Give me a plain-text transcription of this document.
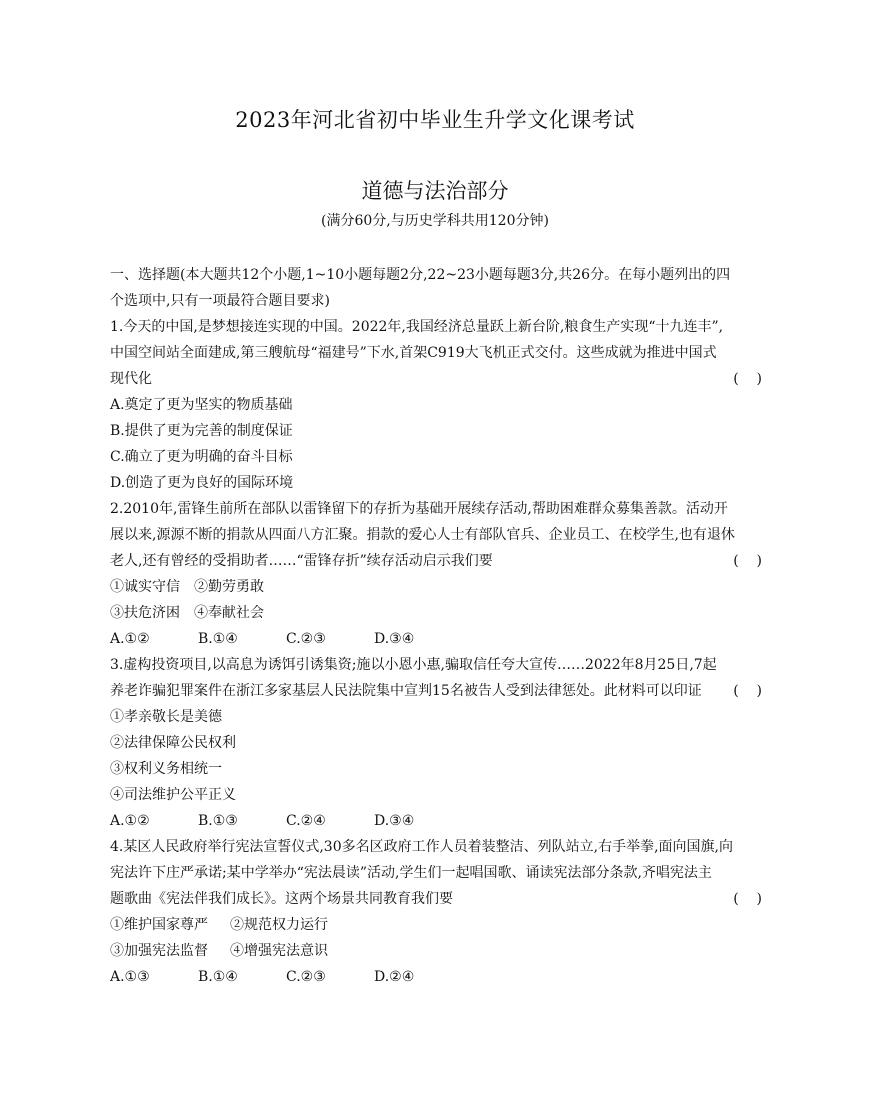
2023年河北省初中毕业生升学文化课考试
道德与法治部分
(满分60分,与历史学科共用120分钟)
一、选择题(本大题共12个小题,1~10小题每题2分,22~23小题每题3分,共26分。在每小题列出的四
个选项中,只有一项最符合题目要求)
1.今天的中国,是梦想接连实现的中国。2022年,我国经济总量跃上新台阶,粮食生产实现“十九连丰”,
中国空间站全面建成,第三艘航母“福建号”下水,首架C919大飞机正式交付。这些成就为推进中国式
现代化	(    )
A.奠定了更为坚实的物质基础
B.提供了更为完善的制度保证
C.确立了更为明确的奋斗目标
D.创造了更为良好的国际环境
2.2010年,雷锋生前所在部队以雷锋留下的存折为基础开展续存活动,帮助困难群众募集善款。活动开
展以来,源源不断的捐款从四面八方汇聚。捐款的爱心人士有部队官兵、企业员工、在校学生,也有退休
老人,还有曾经的受捐助者……“雷锋存折”续存活动启示我们要	(    )
①诚实守信 ②勤劳勇敢
③扶危济困 ④奉献社会
A.①②	B.①④	C.②③	D.③④
3.虚构投资项目,以高息为诱饵引诱集资;施以小恩小惠,骗取信任夸大宣传……2022年8月25日,7起
养老诈骗犯罪案件在浙江多家基层人民法院集中宣判15名被告人受到法律惩处。此材料可以印证 (    )
①孝亲敬长是美德
②法律保障公民权利
③权利义务相统一
④司法维护公平正义
A.①②	B.①③	C.②④	D.③④
4.某区人民政府举行宪法宣誓仪式,30多名区政府工作人员着装整洁、列队站立,右手举拳,面向国旗,向
宪法许下庄严承诺;某中学举办“宪法晨读”活动,学生们一起唱国歌、诵读宪法部分条款,齐唱宪法主
题歌曲《宪法伴我们成长》。这两个场景共同教育我们要	(    )
①维护国家尊严 ②规范权力运行
③加强宪法监督 ④增强宪法意识
A.①③	B.①④	C.②③	D.②④
